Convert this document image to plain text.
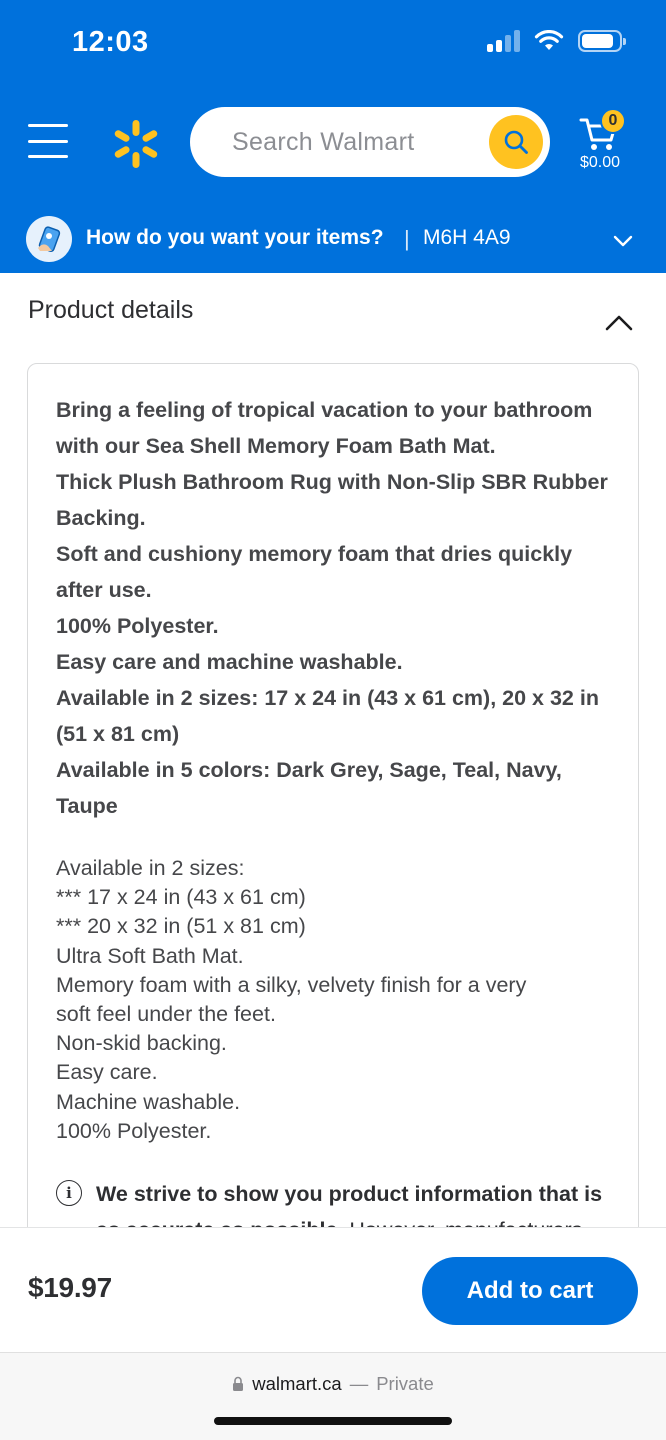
12:03
Search Walmart
0
$0.00
How do you want your items? | M6H 4A9
Product details

Bring a feeling of tropical vacation to your bathroom

with our Sea Shell Memory Foam Bath Mat.

Thick Plush Bathroom Rug with Non-Slip SBR Rubber

Backing.

Soft and cushiony memory foam that dries quickly

after use.

100% Polyester.

Easy care and machine washable.

Available in 2 sizes: 17 x 24 in (43 x 61 cm), 20 x 32 in

(51 x 81 cm)

Available in 5 colors: Dark Grey, Sage, Teal, Navy,

Taupe

Available in 2 sizes:

*** 17 x 24 in (43 x 61 cm)

*** 20 x 32 in (51 x 81 cm)

Ultra Soft Bath Mat.

Memory foam with a silky, velvety finish for a very

soft feel under the feet.

Non-skid backing.

Easy care.

Machine washable.

100% Polyester.

i	We strive to show you product information that is
$19.97	Add to cart
walmart.ca — Private
